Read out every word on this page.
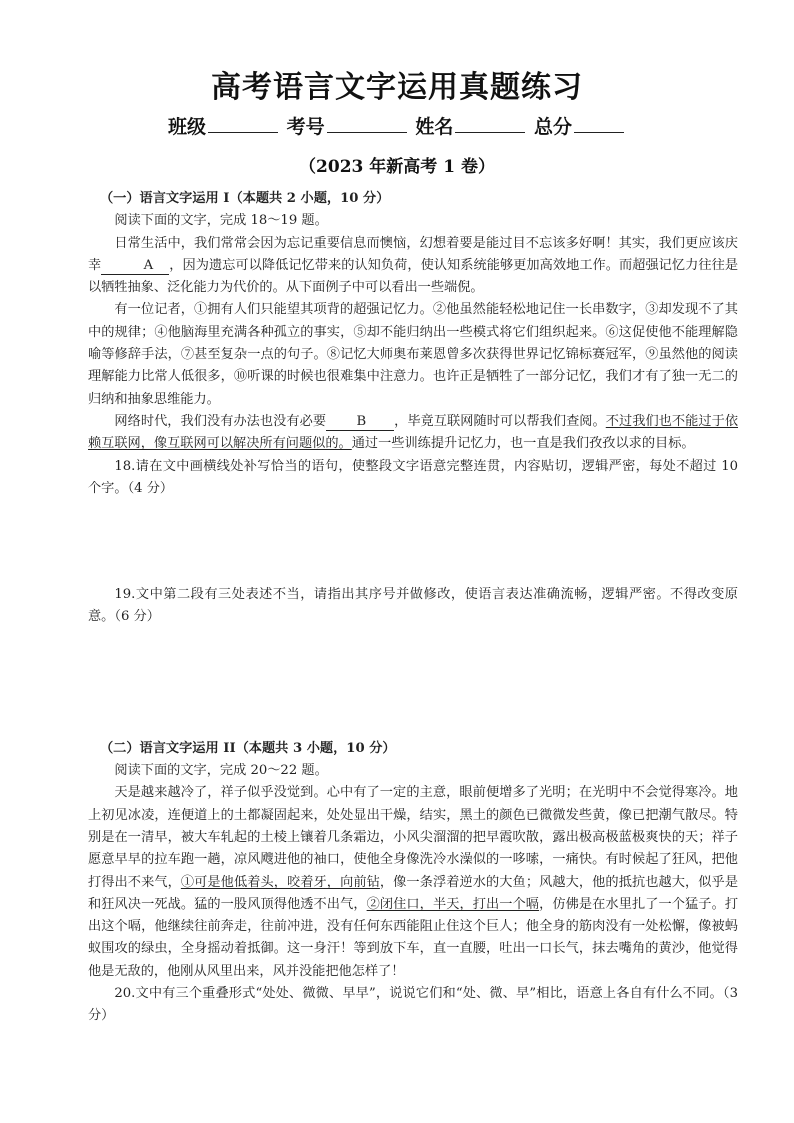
高考语言文字运用真题练习
班级	考号	姓名	总分
（2023 年新高考 1 卷）

（一）语言文字运用 I（本题共 2 小题，10 分）

阅读下面的文字，完成 18～19 题。

日常生活中，我们常常会因为忘记重要信息而懊恼，幻想着要是能过目不忘该多好啊！其实，我们更应该庆幸	A ，因为遗忘可以降低记忆带来的认知负荷，使认知系统能够更加高效地工作。而超强记忆力往往是以牺牲抽象、泛化能力为代价的。从下面例子中可以看出一些端倪。

有一位记者，①拥有人们只能望其项背的超强记忆力。②他虽然能轻松地记住一长串数字，③却发现不了其中的规律；④他脑海里充满各种孤立的事实，⑤却不能归纳出一些模式将它们组织起来。⑥这促使他不能理解隐喻等修辞手法，⑦甚至复杂一点的句子。⑧记忆大师奥布莱恩曾多次获得世界记忆锦标赛冠军，⑨虽然他的阅读理解能力比常人低很多，⑩听课的时候也很难集中注意力。也许正是牺牲了一部分记忆，我们才有了独一无二的归纳和抽象思维能力。

网络时代，我们没有办法也没有必要 B ，毕竟互联网随时可以帮我们查阅。不过我们也不能过于依赖互联网，像互联网可以解决所有问题似的。通过一些训练提升记忆力，也一直是我们孜孜以求的目标。

18.请在文中画横线处补写恰当的语句，使整段文字语意完整连贯，内容贴切，逻辑严密，每处不超过 10 个字。（4 分）

19.文中第二段有三处表述不当，请指出其序号并做修改，使语言表达准确流畅，逻辑严密。不得改变原意。（6 分）

（二）语言文字运用 II（本题共 3 小题，10 分）

阅读下面的文字，完成 20～22 题。

天是越来越冷了，祥子似乎没觉到。心中有了一定的主意，眼前便增多了光明；在光明中不会觉得寒冷。地上初见冰凌，连便道上的土都凝固起来，处处显出干燥，结实，黑土的颜色已微微发些黄，像已把潮气散尽。特别是在一清早，被大车轧起的土棱上镶着几条霜边，小风尖溜溜的把早霞吹散，露出极高极蓝极爽快的天；祥子愿意早早的拉车跑一趟，凉风飕进他的袖口，使他全身像洗冷水澡似的一哆嗦，一痛快。有时候起了狂风，把他打得出不来气，①可是他低着头，咬着牙，向前钻，像一条浮着逆水的大鱼；风越大，他的抵抗也越大，似乎是和狂风决一死战。猛的一股风顶得他透不出气，②闭住口，半天，打出一个嗝，仿佛是在水里扎了一个猛子。打出这个嗝，他继续往前奔走，往前冲进，没有任何东西能阻止住这个巨人；他全身的筋肉没有一处松懈，像被蚂蚁围攻的绿虫，全身摇动着抵御。这一身汗！等到放下车，直一直腰，吐出一口长气，抹去嘴角的黄沙，他觉得他是无敌的，他刚从风里出来，风并没能把他怎样了！

20.文中有三个重叠形式“处处、微微、早早”，说说它们和“处、微、早”相比，语意上各自有什么不同。（3 分）
